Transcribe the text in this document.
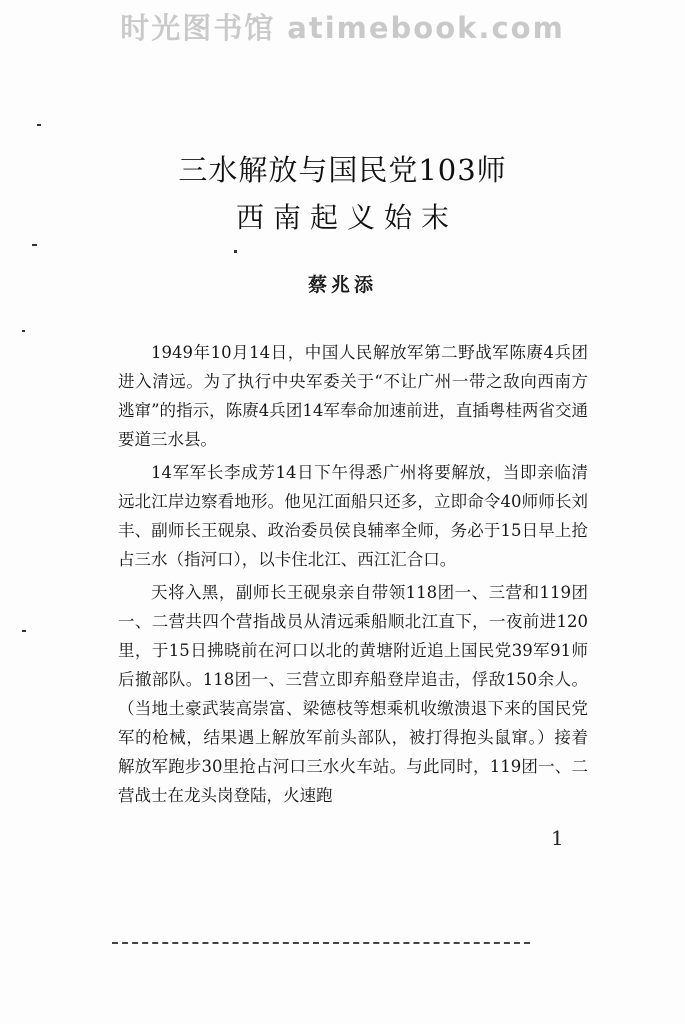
时光图书馆 atimebook.com
三水解放与国民党103师
西南起义始末
蔡兆添

1949年10月14日，中国人民解放军第二野战军陈赓4兵团进入清远。为了执行中央军委关于“不让广州一带之敌向西南方逃窜”的指示，陈赓4兵团14军奉命加速前进，直插粤桂两省交通要道三水县。

14军军长李成芳14日下午得悉广州将要解放，当即亲临清远北江岸边察看地形。他见江面船只还多，立即命令40师师长刘丰、副师长王砚泉、政治委员侯良辅率全师，务必于15日早上抢占三水（指河口），以卡住北江、西江汇合口。

天将入黑，副师长王砚泉亲自带领118团一、三营和119团一、二营共四个营指战员从清远乘船顺北江直下，一夜前进120里，于15日拂晓前在河口以北的黄塘附近追上国民党39军91师后撤部队。118团一、三营立即弃船登岸追击，俘敌150余人。（当地土豪武装高崇富、梁德枝等想乘机收缴溃退下来的国民党军的枪械，结果遇上解放军前头部队，被打得抱头鼠窜。）接着解放军跑步30里抢占河口三水火车站。与此同时，119团一、二营战士在龙头岗登陆，火速跑

1
